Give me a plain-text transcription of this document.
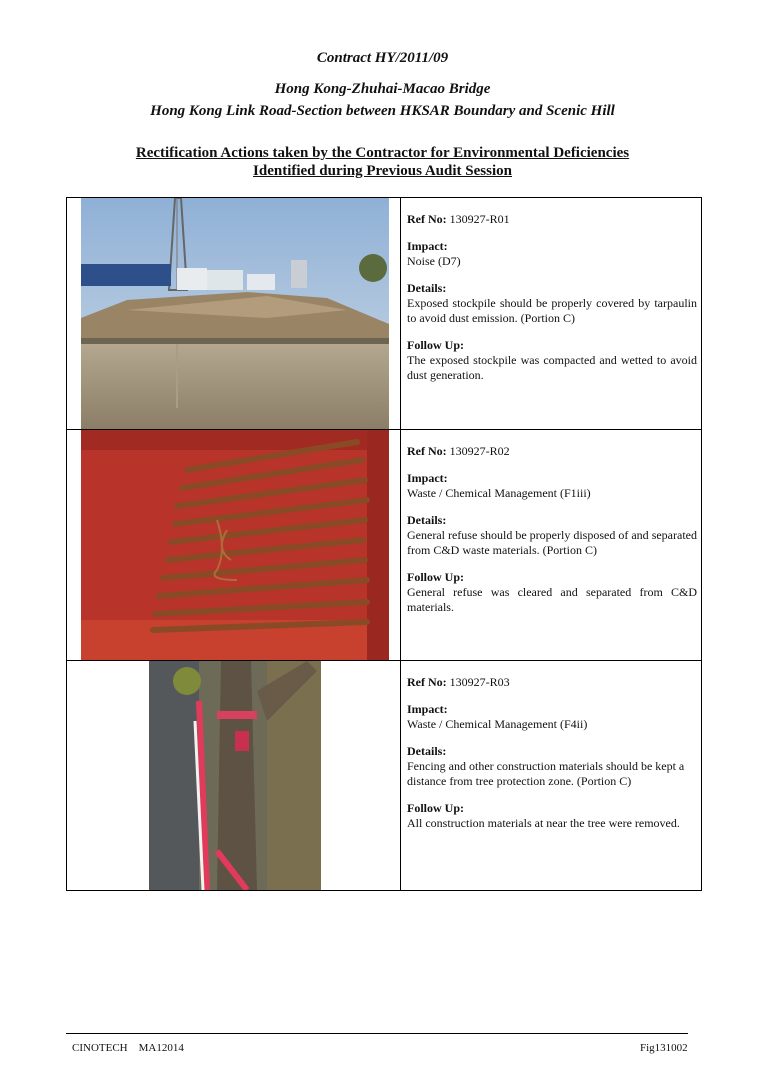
Contract HY/2011/09
Hong Kong-Zhuhai-Macao Bridge
Hong Kong Link Road-Section between HKSAR Boundary and Scenic Hill
Rectification Actions taken by the Contractor for Environmental Deficiencies
Identified during Previous Audit Session
Ref No: 130927-R01
Impact:
Noise (D7)
Details:
Exposed stockpile should be properly covered by tarpaulin to avoid dust emission. (Portion C)
Follow Up:
The exposed stockpile was compacted and wetted to avoid dust generation.
Ref No: 130927-R02
Impact:
Waste / Chemical Management (F1iii)
Details:
General refuse should be properly disposed of and separated from C&D waste materials. (Portion C)
Follow Up:
General refuse was cleared and separated from C&D materials.
Ref No: 130927-R03
Impact:
Waste / Chemical Management (F4ii)
Details:
Fencing and other construction materials should be kept a distance from tree protection zone. (Portion C)
Follow Up:
All construction materials at near the tree were removed.
CINOTECH    MA12014	Fig131002
